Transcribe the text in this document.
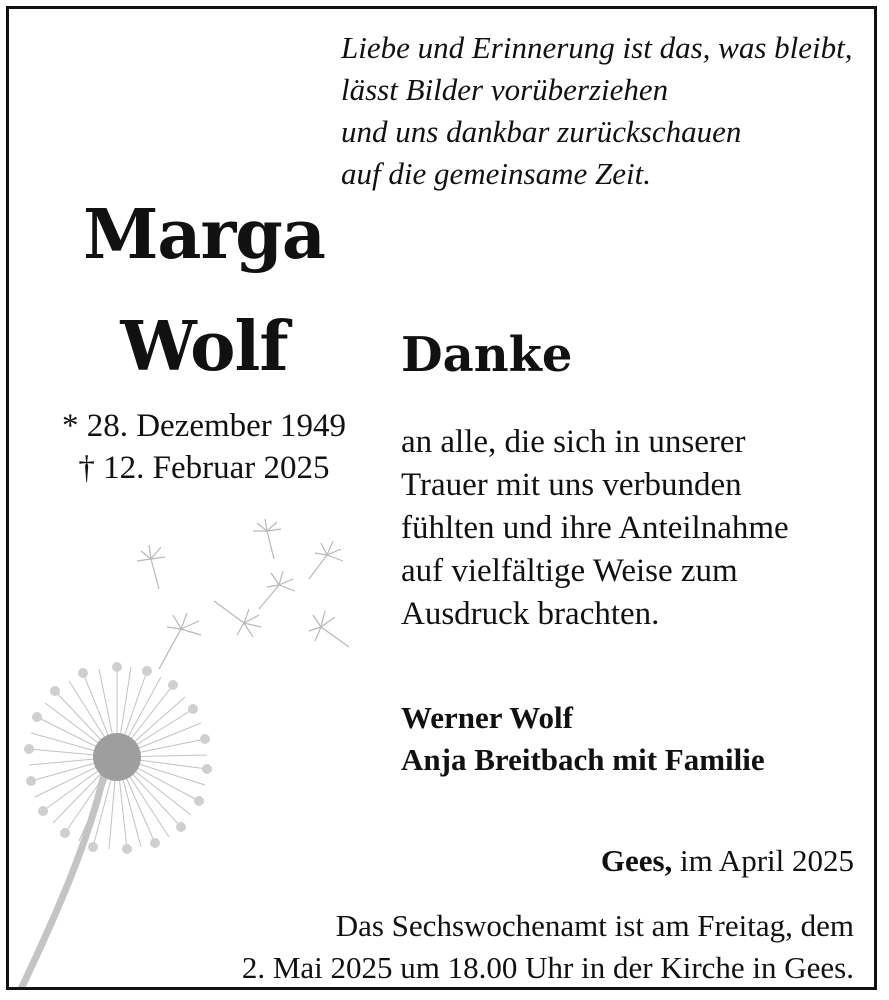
Liebe und Erinnerung ist das, was bleibt,
lässt Bilder vorüberziehen
und uns dankbar zurückschauen
auf die gemeinsame Zeit.
Marga
Wolf
* 28. Dezember 1949
† 12. Februar 2025
Danke
an alle, die sich in unserer
Trauer mit uns verbunden
fühlten und ihre Anteilnahme
auf vielfältige Weise zum
Ausdruck brachten.
Werner Wolf
Anja Breitbach mit Familie
Gees, im April 2025
Das Sechswochenamt ist am Freitag, dem
2. Mai 2025 um 18.00 Uhr in der Kirche in Gees.
